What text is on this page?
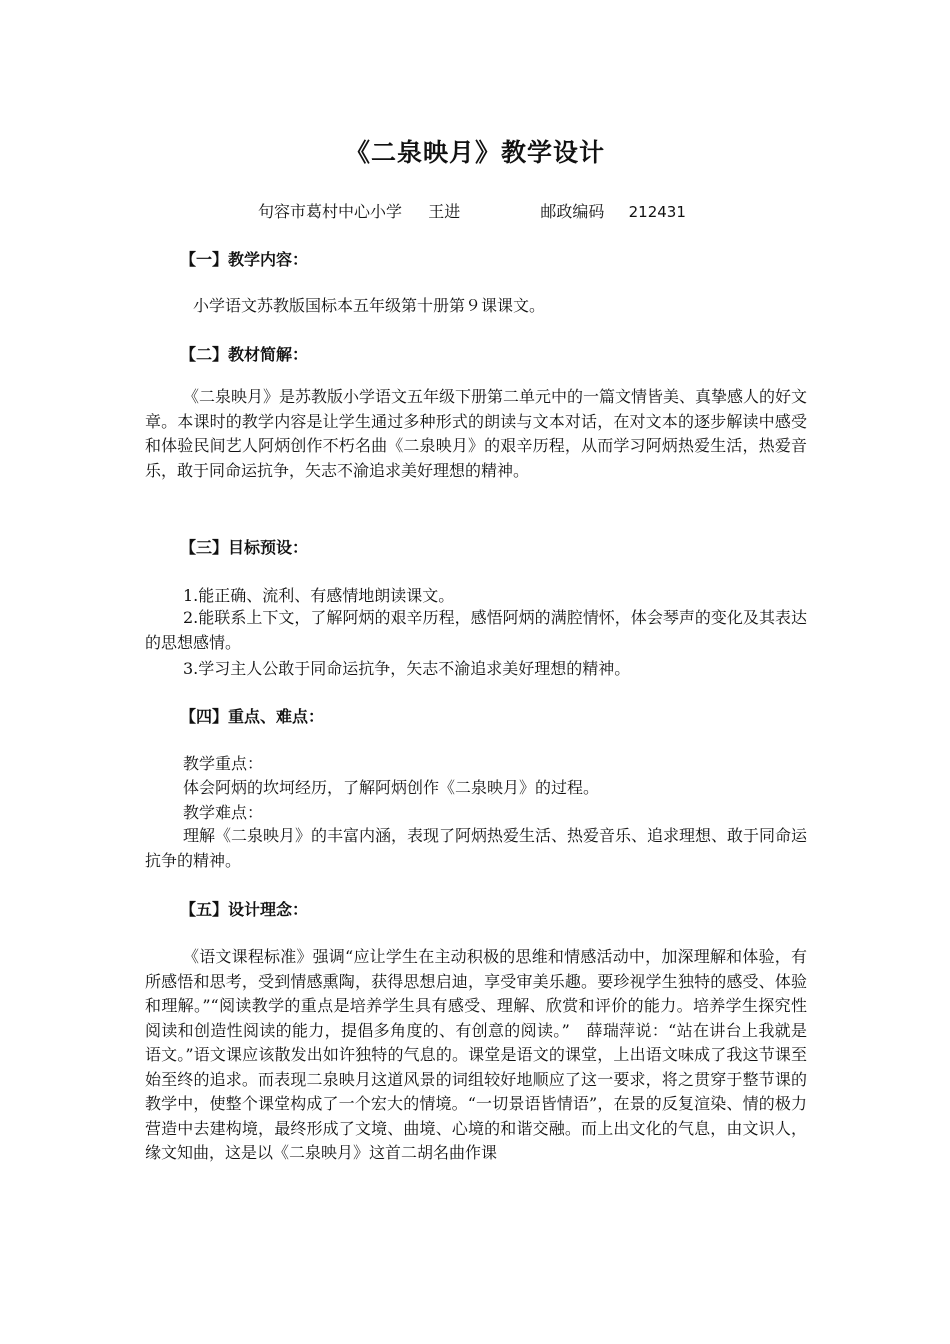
《二泉映月》教学设计
句容市葛村中心小学 王进	邮政编码 212431
【一】教学内容：
小学语文苏教版国标本五年级第十册第９课课文。
【二】教材简解：
《二泉映月》是苏教版小学语文五年级下册第二单元中的一篇文情皆美、真挚感人的好文章。本课时的教学内容是让学生通过多种形式的朗读与文本对话，在对文本的逐步解读中感受和体验民间艺人阿炳创作不朽名曲《二泉映月》的艰辛历程，从而学习阿炳热爱生活，热爱音乐，敢于同命运抗争，矢志不渝追求美好理想的精神。
【三】目标预设：
1.能正确、流利、有感情地朗读课文。
2.能联系上下文，了解阿炳的艰辛历程，感悟阿炳的满腔情怀，体会琴声的变化及其表达的思想感情。
3.学习主人公敢于同命运抗争，矢志不渝追求美好理想的精神。
【四】重点、难点：
教学重点：
体会阿炳的坎坷经历，了解阿炳创作《二泉映月》的过程。
教学难点：
理解《二泉映月》的丰富内涵，表现了阿炳热爱生活、热爱音乐、追求理想、敢于同命运抗争的精神。
【五】设计理念：
《语文课程标准》强调“应让学生在主动积极的思维和情感活动中，加深理解和体验，有所感悟和思考，受到情感熏陶，获得思想启迪，享受审美乐趣。要珍视学生独特的感受、体验和理解。”“阅读教学的重点是培养学生具有感受、理解、欣赏和评价的能力。培养学生探究性阅读和创造性阅读的能力，提倡多角度的、有创意的阅读。”　薛瑞萍说：“站在讲台上我就是语文。”语文课应该散发出如许独特的气息的。课堂是语文的课堂，上出语文味成了我这节课至始至终的追求。而表现二泉映月这道风景的词组较好地顺应了这一要求，将之贯穿于整节课的教学中，使整个课堂构成了一个宏大的情境。“一切景语皆情语”，在景的反复渲染、情的极力营造中去建构境，最终形成了文境、曲境、心境的和谐交融。而上出文化的气息，由文识人，缘文知曲，这是以《二泉映月》这首二胡名曲作课
